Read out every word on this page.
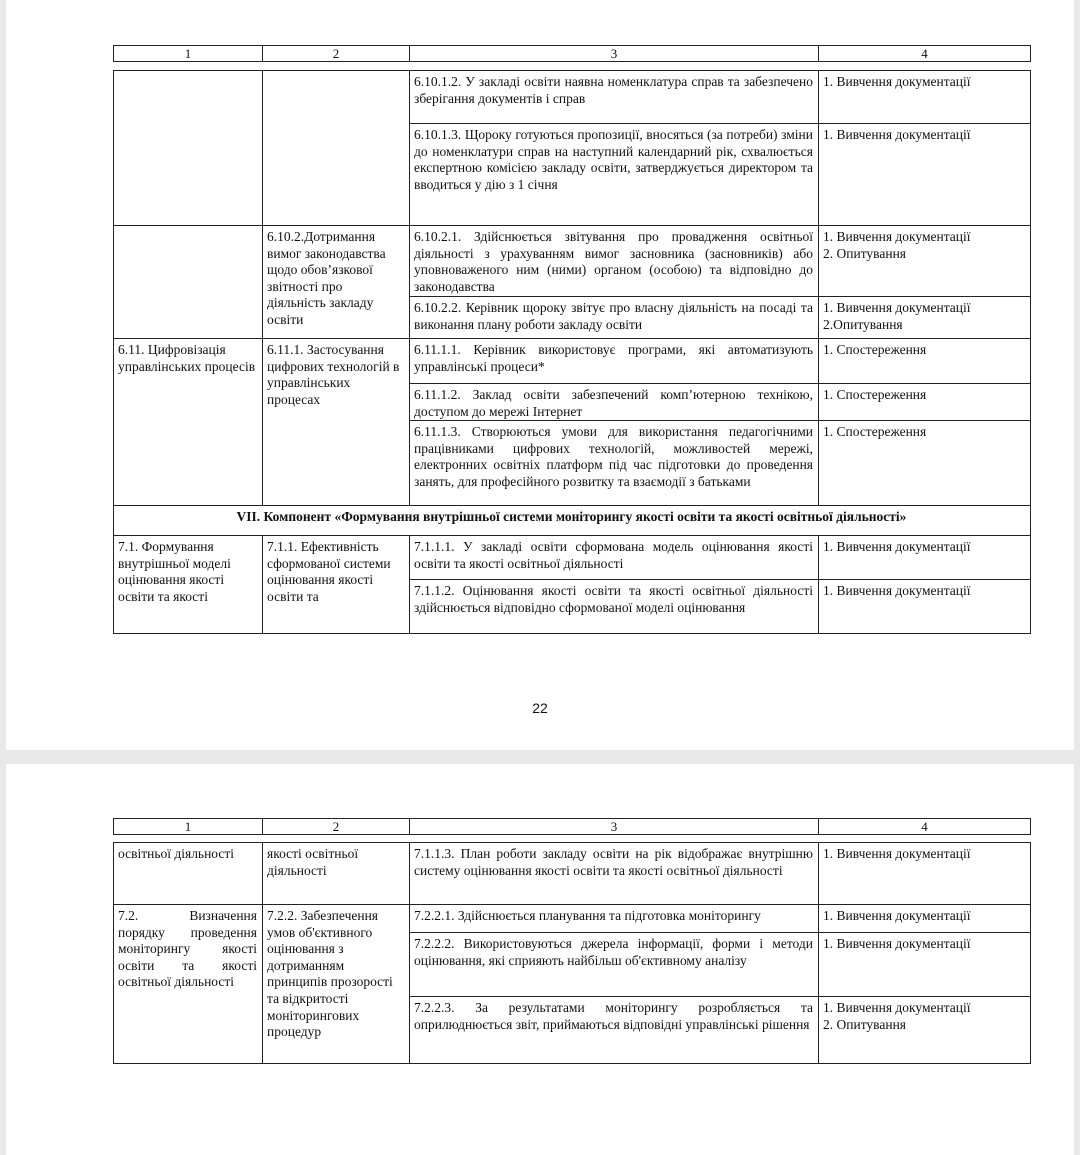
1	2	3	4
		6.10.1.2. У закладі освіти наявна номенклатура справ та забезпечено зберігання документів і справ	1. Вивчення документації
		6.10.1.3. Щороку готуються пропозиції, вносяться (за потреби) зміни до номенклатури справ на наступний календарний рік, схвалюється експертною комісією закладу освіти, затверджується директором та вводиться у дію з 1 січня	1. Вивчення документації
	6.10.2.Дотримання вимог законодавства щодо обов’язкової звітності про діяльність закладу освіти	6.10.2.1. Здійснюється звітування про провадження освітньої діяльності з урахуванням вимог засновника (засновників) або уповноваженого ним (ними) органом (особою) та відповідно до законодавства	1. Вивчення документації
2. Опитування

		6.10.2.2. Керівник щороку звітує про власну діяльність на посаді та виконання плану роботи закладу освіти	1. Вивчення документації
2.Опитування

6.11. Цифровізація управлінських процесів	6.11.1. Застосування цифрових технологій в управлінських процесах	6.11.1.1. Керівник використовує програми, які автоматизують управлінські процеси*	1. Спостереження
		6.11.1.2. Заклад освіти забезпечений комп’ютерною технікою, доступом до мережі Інтернет	1. Спостереження
		6.11.1.3. Створюються умови для використання педагогічними працівниками цифрових технологій, можливостей мережі, електронних освітніх платформ під час підготовки до проведення занять, для професійного розвитку та взаємодії з батьками	1. Спостереження
VII. Компонент «Формування внутрішньої системи моніторингу якості освіти та якості освітньої діяльності»			
7.1. Формування внутрішньої моделі оцінювання якості освіти та якості	7.1.1. Ефективність сформованої системи оцінювання якості освіти та	7.1.1.1. У закладі освіти сформована модель оцінювання якості освіти та якості освітньої діяльності	1. Вивчення документації
		7.1.1.2. Оцінювання якості освіти та якості освітньої діяльності здійснюється відповідно сформованої моделі оцінювання	1. Вивчення документації
22
1	2	3	4
освітньої діяльності	якості освітньої діяльності	7.1.1.3. План роботи закладу освіти на рік відображає внутрішню систему оцінювання якості освіти та якості освітньої діяльності	1. Вивчення документації
7.2. Визначення порядку проведення моніторингу якості освіти та якості освітньої діяльності	7.2.2. Забезпечення умов об'єктивного оцінювання з дотриманням принципів прозорості та відкритості моніторингових процедур	7.2.2.1. Здійснюється планування та підготовка моніторингу	1. Вивчення документації
		7.2.2.2. Використовуються джерела інформації, форми і методи оцінювання, які сприяють найбільш об'єктивному аналізу	1. Вивчення документації
		7.2.2.3. За результатами моніторингу розробляється та оприлюднюється звіт, приймаються відповідні управлінські рішення	1. Вивчення документації
2. Опитування
